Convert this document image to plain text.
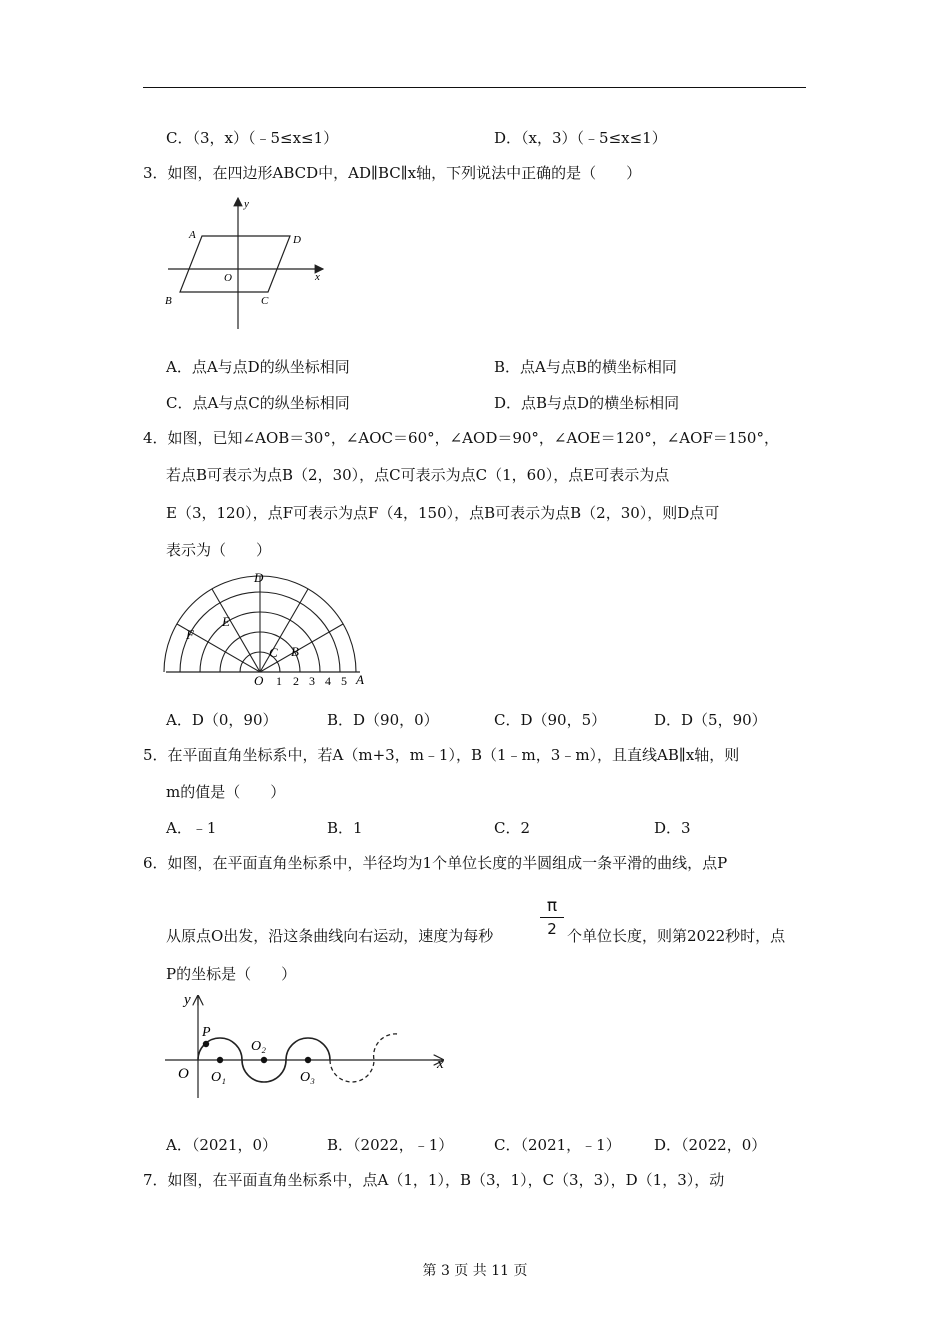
C．（3，x）（﹣5≤x≤1）	D．（x，3）（﹣5≤x≤1）
3．如图，在四边形ABCD中，AD∥BC∥x轴，下列说法中正确的是（　　）
y
A	D
O	x
B	C
A．点A与点D的纵坐标相同	B．点A与点B的横坐标相同
C．点A与点C的纵坐标相同	D．点B与点D的横坐标相同
4．如图，已知∠AOB＝30°，∠AOC＝60°，∠AOD＝90°，∠AOE＝120°，∠AOF＝150°，
若点B可表示为点B（2，30），点C可表示为点C（1，60），点E可表示为点
E（3，120），点F可表示为点F（4，150），点B可表示为点B（2，30），则D点可
表示为（　　）
D
E
F
C B
O 1 2 3 4 5 A
A．D（0，90）	B．D（90，0）	C．D（90，5）	D．D（5，90）
5．在平面直角坐标系中，若A（m+3，m﹣1），B（1﹣m，3﹣m），且直线AB∥x轴，则
m的值是（　　）
A．﹣1	B．1	C．2	D．3
6．如图，在平面直角坐标系中，半径均为1个单位长度的半圆组成一条平滑的曲线，点P
从原点O出发，沿这条曲线向右运动，速度为每秒
π
2 个单位长度，则第2022秒时，点
P的坐标是（　　）
y
P
O₂
x
O O₁	O₃
A．（2021，0）	B．（2022，﹣1）	C．（2021，﹣1） D．（2022，0）
7．如图，在平面直角坐标系中，点A（1，1），B（3，1），C（3，3），D（1，3），动
第 3 页 共 11 页
